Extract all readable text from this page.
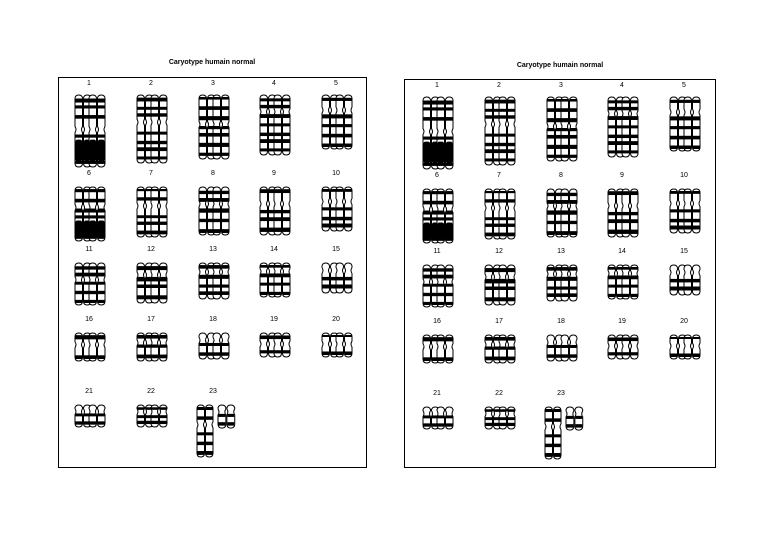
Caryotype humain normal
1	2	3	4	5
6	7	8	9	10
11	12	13	14	15
16	17	18	19	20
21	22	23
Caryotype humain normal
1	2	3	4	5
6	7	8	9	10
11	12	13	14	15
16	17	18	19	20
21	22	23
